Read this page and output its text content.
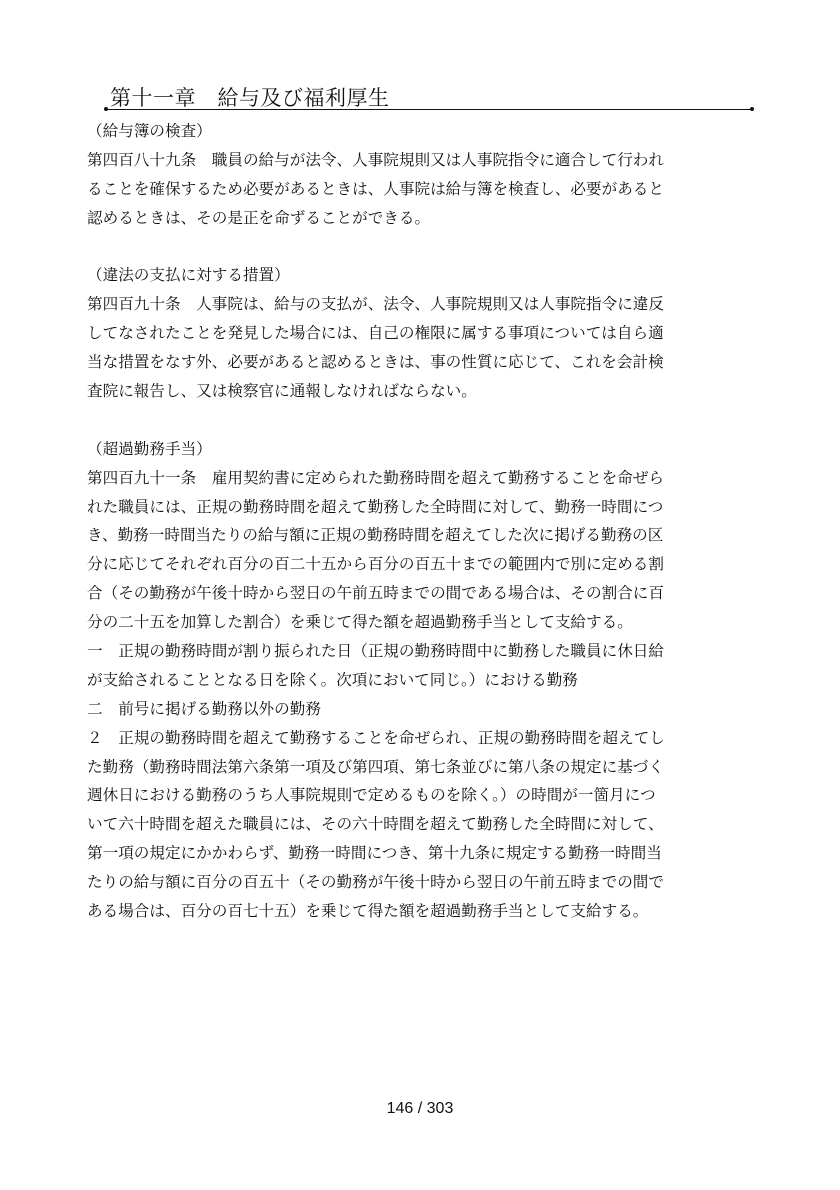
第十一章　給与及び福利厚生
（給与簿の検査）
第四百八十九条　職員の給与が法令、人事院規則又は人事院指令に適合して行われ
ることを確保するため必要があるときは、人事院は給与簿を検査し、必要があると
認めるときは、その是正を命ずることができる。
（違法の支払に対する措置）
第四百九十条　人事院は、給与の支払が、法令、人事院規則又は人事院指令に違反
してなされたことを発見した場合には、自己の権限に属する事項については自ら適
当な措置をなす外、必要があると認めるときは、事の性質に応じて、これを会計検
査院に報告し、又は検察官に通報しなければならない。
（超過勤務手当）
第四百九十一条　雇用契約書に定められた勤務時間を超えて勤務することを命ぜら
れた職員には、正規の勤務時間を超えて勤務した全時間に対して、勤務一時間につ
き、勤務一時間当たりの給与額に正規の勤務時間を超えてした次に掲げる勤務の区
分に応じてそれぞれ百分の百二十五から百分の百五十までの範囲内で別に定める割
合（その勤務が午後十時から翌日の午前五時までの間である場合は、その割合に百
分の二十五を加算した割合）を乗じて得た額を超過勤務手当として支給する。
一　正規の勤務時間が割り振られた日（正規の勤務時間中に勤務した職員に休日給
が支給されることとなる日を除く。次項において同じ。）における勤務
二　前号に掲げる勤務以外の勤務
２　正規の勤務時間を超えて勤務することを命ぜられ、正規の勤務時間を超えてし
た勤務（勤務時間法第六条第一項及び第四項、第七条並びに第八条の規定に基づく
週休日における勤務のうち人事院規則で定めるものを除く。）の時間が一箇月につ
いて六十時間を超えた職員には、その六十時間を超えて勤務した全時間に対して、
第一項の規定にかかわらず、勤務一時間につき、第十九条に規定する勤務一時間当
たりの給与額に百分の百五十（その勤務が午後十時から翌日の午前五時までの間で
ある場合は、百分の百七十五）を乗じて得た額を超過勤務手当として支給する。
146 / 303
